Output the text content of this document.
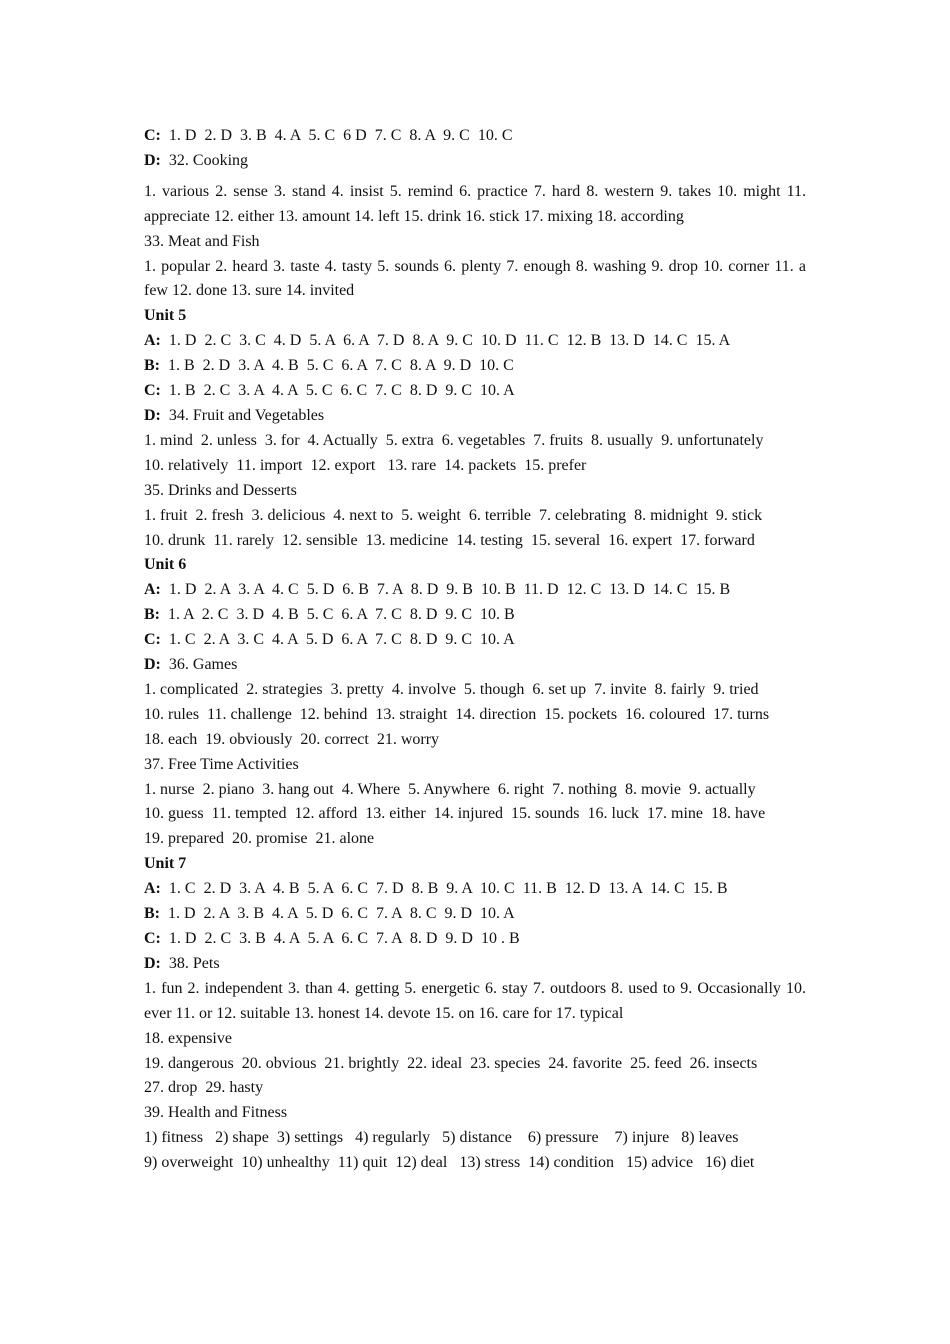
C: 1. D  2. D  3. B  4. A  5. C  6 D  7. C  8. A  9. C  10. C
D: 32. Cooking
1. various 2. sense 3. stand 4. insist 5. remind 6. practice 7. hard 8. western 9. takes 10. might 11. appreciate 12. either 13. amount 14. left 15. drink 16. stick 17. mixing 18. according
33. Meat and Fish
1. popular 2. heard 3. taste 4. tasty 5. sounds 6. plenty 7. enough 8. washing 9. drop 10. corner 11. a few 12. done 13. sure 14. invited
Unit 5
A: 1. D  2. C  3. C  4. D  5. A  6. A  7. D  8. A  9. C  10. D  11. C  12. B  13. D  14. C  15. A
B: 1. B  2. D  3. A  4. B  5. C  6. A  7. C  8. A  9. D  10. C
C: 1. B  2. C  3. A  4. A  5. C  6. C  7. C  8. D  9. C  10. A
D: 34. Fruit and Vegetables
1. mind  2. unless  3. for  4. Actually  5. extra  6. vegetables  7. fruits  8. usually  9. unfortunately
10. relatively  11. import  12. export   13. rare  14. packets  15. prefer
35. Drinks and Desserts
1. fruit  2. fresh  3. delicious  4. next to  5. weight  6. terrible  7. celebrating  8. midnight  9. stick
10. drunk  11. rarely  12. sensible  13. medicine  14. testing  15. several  16. expert  17. forward
Unit 6
A: 1. D  2. A  3. A  4. C  5. D  6. B  7. A  8. D  9. B  10. B  11. D  12. C  13. D  14. C  15. B
B: 1. A  2. C  3. D  4. B  5. C  6. A  7. C  8. D  9. C  10. B
C: 1. C  2. A  3. C  4. A  5. D  6. A  7. C  8. D  9. C  10. A
D: 36. Games
1. complicated  2. strategies  3. pretty  4. involve  5. though  6. set up  7. invite  8. fairly  9. tried
10. rules  11. challenge  12. behind  13. straight  14. direction  15. pockets  16. coloured  17. turns
18. each  19. obviously  20. correct  21. worry
37. Free Time Activities
1. nurse  2. piano  3. hang out  4. Where  5. Anywhere  6. right  7. nothing  8. movie  9. actually
10. guess  11. tempted  12. afford  13. either  14. injured  15. sounds  16. luck  17. mine  18. have
19. prepared  20. promise  21. alone
Unit 7
A: 1. C  2. D  3. A  4. B  5. A  6. C  7. D  8. B  9. A  10. C  11. B  12. D  13. A  14. C  15. B
B: 1. D  2. A  3. B  4. A  5. D  6. C  7. A  8. C  9. D  10. A
C: 1. D  2. C  3. B  4. A  5. A  6. C  7. A  8. D  9. D  10 . B
D: 38. Pets
1. fun 2. independent 3. than 4. getting 5. energetic 6. stay 7. outdoors 8. used to 9. Occasionally 10. ever 11. or 12. suitable 13. honest 14. devote 15. on 16. care for 17. typical
18. expensive
19. dangerous  20. obvious  21. brightly  22. ideal  23. species  24. favorite  25. feed  26. insects
27. drop  29. hasty
39. Health and Fitness
1) fitness   2) shape  3) settings   4) regularly   5) distance    6) pressure    7) injure   8) leaves
9) overweight  10) unhealthy  11) quit  12) deal   13) stress  14) condition   15) advice   16) diet
